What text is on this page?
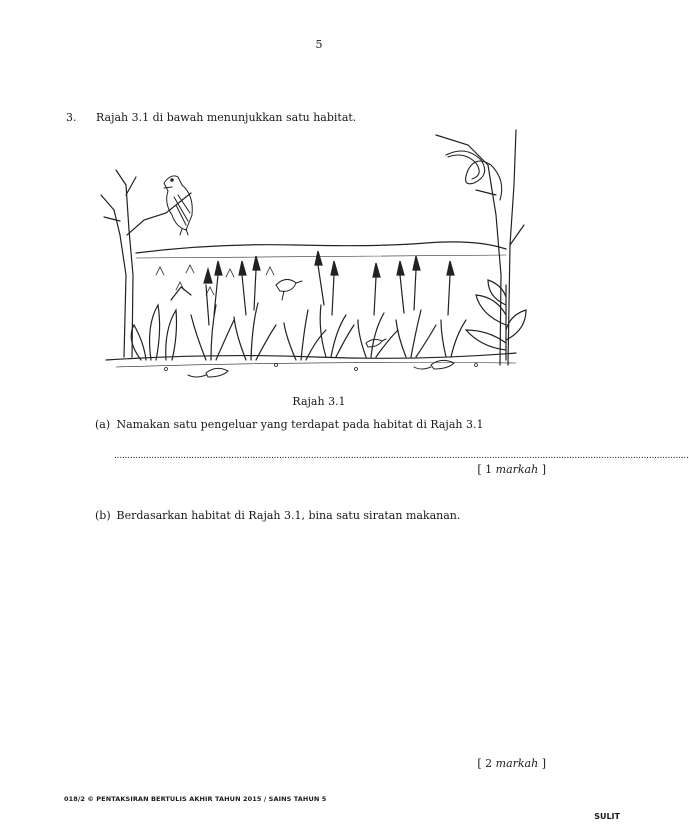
5
3. Rajah 3.1 di bawah menunjukkan satu habitat.
Rajah 3.1
(a) Namakan satu pengeluar yang terdapat pada habitat di Rajah 3.1
........................................................................................................................................................................................................................
[ 1 markah ]
(b) Berdasarkan habitat di Rajah 3.1, bina satu siratan makanan.
[ 2 markah ]
018/2 © PENTAKSIRAN BERTULIS AKHIR TAHUN 2015 / SAINS TAHUN 5
SULIT
